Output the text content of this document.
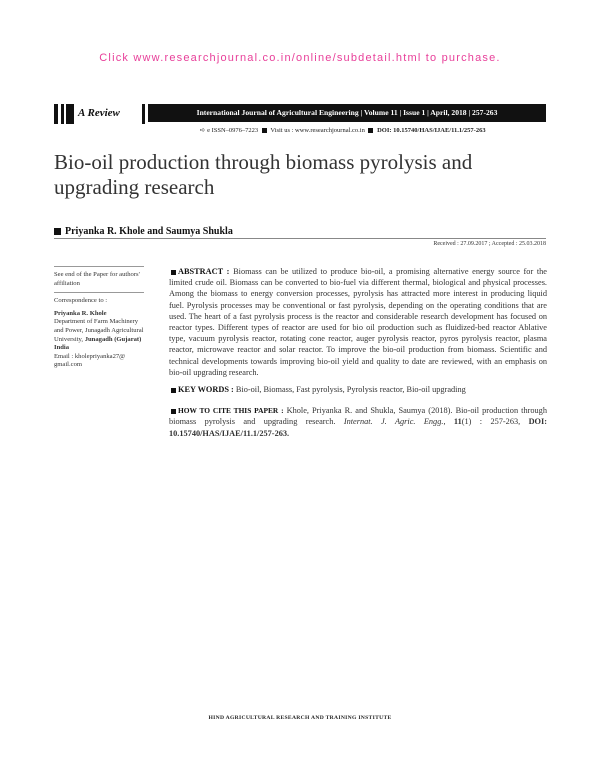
Click www.researchjournal.co.in/online/subdetail.html to purchase.
A Review	International Journal of Agricultural Engineering | Volume 11 | Issue 1 | April, 2018 | 257-263
➪ e ISSN–0976–7223 Visit us : www.researchjournal.co.in DOI: 10.15740/HAS/IJAE/11.1/257-263
Bio-oil production through biomass pyrolysis and upgrading research
Priyanka R. Khole and Saumya Shukla
Received : 27.09.2017 ; Accepted : 25.03.2018

See end of the Paper for authors' affiliation

Correspondence to :

Priyanka R. Khole
Department of Farm Machinery and Power, Junagadh Agricultural University, Junagadh (Gujarat) India
Email : kholepriyanka27@ gmail.com

ABSTRACT : Biomass can be utilized to produce bio-oil, a promising alternative energy source for the limited crude oil. Biomass can be converted to bio-fuel via different thermal, biological and physical processes. Among the biomass to energy conversion processes, pyrolysis has attracted more interest in producing liquid fuel. Pyrolysis processes may be conventional or fast pyrolysis, depending on the operating conditions that are used. The heart of a fast pyrolysis process is the reactor and considerable research development has focused on reactor types. Different types of reactor are used for bio oil production such as fluidized-bed reactor Ablative type, vacuum pyrolysis reactor, rotating cone reactor, auger pyrolysis reactor, pyros pyrolysis reactor, plasma reactor, microwave reactor and solar reactor. To improve the bio-oil production from biomass. Scientific and technical developments towards improving bio-oil yield and quality to date are reviewed, with an emphasis on bio-oil upgrading research.

KEY WORDS : Bio-oil, Biomass, Fast pyrolysis, Pyrolysis reactor, Bio-oil upgrading

HOW TO CITE THIS PAPER : Khole, Priyanka R. and Shukla, Saumya (2018). Bio-oil production through biomass pyrolysis and upgrading research. Internat. J. Agric. Engg., 11(1) : 257-263, DOI: 10.15740/HAS/IJAE/11.1/257-263.

HIND AGRICULTURAL RESEARCH AND TRAINING INSTITUTE
